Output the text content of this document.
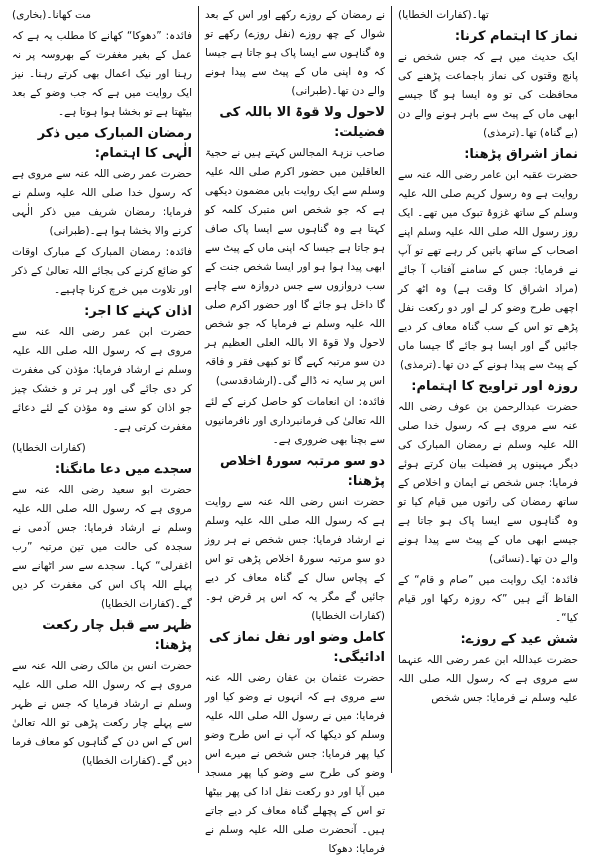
تھا۔(کفارات الخطایا)

نماز کا اہتمام کرنا:

ایک حدیث میں ہے کہ جس شخص نے پانچ وقتوں کی نماز باجماعت پڑھنے کی محافظت کی تو وہ ایسا ہو گا جیسے ابھی ماں کے پیٹ سے باہر ہونے والے دن (بے گناہ) تھا۔(ترمذی)

نماز اشراق پڑھنا:

حضرت عقبہ ابن عامر رضی اللہ عنہ سے روایت ہے وہ رسول کریم صلی اللہ علیہ وسلم کے ساتھ غزوۂ تبوک میں تھے۔ ایک روز رسول اللہ صلی اللہ علیہ وسلم اپنے اصحاب کے ساتھ باتیں کر رہے تھے تو آپ نے فرمایا: جس کے سامنے آفتاب آ جائے (مراد اشراق کا وقت ہے) وہ اٹھ کر اچھی طرح وضو کر لے اور دو رکعت نفل پڑھے تو اس کے سب گناہ معاف کر دیے جائیں گے اور ایسا ہو جائے گا جیسا ماں کے پیٹ سے پیدا ہونے کے دن تھا۔(ترمذی)

روزہ اور تراویح کا اہتمام:

حضرت عبدالرحمن بن عوف رضی اللہ عنہ سے مروی ہے کہ رسول خدا صلی اللہ علیہ وسلم نے رمضان المبارک کی دیگر مہینوں پر فضیلت بیان کرتے ہوئے فرمایا: جس شخص نے ایمان و اخلاص کے ساتھ رمضان کی راتوں میں قیام کیا تو وہ گناہوں سے ایسا پاک ہو جاتا ہے جیسے ابھی ماں کے پیٹ سے پیدا ہونے والے دن تھا۔(نسائی)

فائدہ: ایک روایت میں ”صام و قام“ کے الفاظ آئے ہیں ”کہ روزہ رکھا اور قیام کیا“۔

شش عید کے روزے:

حضرت عبداللہ ابن عمر رضی اللہ عنہما سے مروی ہے کہ رسول اللہ صلی اللہ علیہ وسلم نے فرمایا: جس شخص

نے رمضان کے روزے رکھے اور اس کے بعد شوال کے چھ روزے (نفل روزے) رکھے تو وہ گناہوں سے ایسا پاک ہو جاتا ہے جیسا کہ وہ اپنی ماں کے پیٹ سے پیدا ہونے والے دن تھا۔(طبرانی)

لاحول ولا قوۃ الا باللہ کی فضیلت:

صاحب نزہۃ المجالس کہتے ہیں نے حجیۃ العاقلین میں حضور اکرم صلی اللہ علیہ وسلم سے ایک روایت بایں مضمون دیکھی ہے کہ جو شخص اس متبرک کلمہ کو کہتا ہے وہ گناہوں سے ایسا پاک صاف ہو جاتا ہے جیسا کہ اپنی ماں کے پیٹ سے ابھی پیدا ہوا ہو اور ایسا شخص جنت کے سب دروازوں سے جس دروازہ سے چاہے گا داخل ہو جائے گا اور حضور اکرم صلی اللہ علیہ وسلم نے فرمایا کہ جو شخص لاحول ولا قوۃ الا باللہ العلی العظیم ہر دن سو مرتبہ کہے گا تو کبھی فقر و فاقہ اس پر سایہ نہ ڈالے گی۔(ارشادقدسی)

فائدہ: ان انعامات کو حاصل کرنے کے لئے اللہ تعالیٰ کی فرمانبرداری اور نافرمانیوں سے بچنا بھی ضروری ہے۔

دو سو مرتبہ سورۂ اخلاص پڑھنا:

حضرت انس رضی اللہ عنہ سے روایت ہے کہ رسول اللہ صلی اللہ علیہ وسلم نے ارشاد فرمایا: جس شخص نے ہر روز دو سو مرتبہ سورۂ اخلاص پڑھی تو اس کے پچاس سال کے گناہ معاف کر دیے جائیں گے مگر یہ کہ اس پر قرض ہو۔(کفارات الخطایا)

کامل وضو اور نفل نماز کی ادائیگی:

حضرت عثمان بن عفان رضی اللہ عنہ سے مروی ہے کہ انہوں نے وضو کیا اور فرمایا: میں نے رسول اللہ صلی اللہ علیہ وسلم کو دیکھا کہ آپ نے اس طرح وضو کیا پھر فرمایا: جس شخص نے میرے اس وضو کی طرح سے وضو کیا پھر مسجد میں آیا اور دو رکعت نفل ادا کی پھر بیٹھا تو اس کے پچھلے گناہ معاف کر دیے جاتے ہیں۔ آنحضرت صلی اللہ علیہ وسلم نے فرمایا: دھوکا

مت کھانا۔(بخاری)

فائدہ: ”دھوکا“ کھانے کا مطلب یہ ہے کہ عمل کے بغیر مغفرت کے بھروسہ پر نہ رہنا اور نیک اعمال بھی کرتے رہنا۔ نیز ایک روایت میں ہے کہ جب وضو کے بعد بیٹھتا ہے تو بخشا ہوا ہوتا ہے۔

رمضان المبارک میں ذکر الٰہی کا اہتمام:

حضرت عمر رضی اللہ عنہ سے مروی ہے کہ رسول خدا صلی اللہ علیہ وسلم نے فرمایا: رمضان شریف میں ذکر الٰہی کرنے والا بخشا ہوا ہے۔(طبرانی)

فائدہ: رمضان المبارک کے مبارک اوقات کو ضائع کرنے کی بجائے اللہ تعالیٰ کے ذکر اور تلاوت میں خرچ کرنا چاہیے۔

اذان کہنے کا اجر:

حضرت ابن عمر رضی اللہ عنہ سے مروی ہے کہ رسول اللہ صلی اللہ علیہ وسلم نے ارشاد فرمایا: مؤذن کی مغفرت کر دی جائے گی اور ہر تر و خشک چیز جو اذان کو سنے وہ مؤذن کے لئے دعائے مغفرت کرتی ہے۔

(کفارات الخطایا)

سجدے میں دعا مانگنا:

حضرت ابو سعید رضی اللہ عنہ سے مروی ہے کہ رسول اللہ صلی اللہ علیہ وسلم نے ارشاد فرمایا: جس آدمی نے سجدہ کی حالت میں تین مرتبہ ”رب اغفرلی“ کہا۔ سجدے سے سر اٹھانے سے پہلے اللہ پاک اس کی مغفرت کر دیں گے۔(کفارات الخطایا)

ظہر سے قبل چار رکعت پڑھنا:

حضرت انس بن مالک رضی اللہ عنہ سے مروی ہے کہ رسول اللہ صلی اللہ علیہ وسلم نے ارشاد فرمایا کہ جس نے ظہر سے پہلے چار رکعت پڑھی تو اللہ تعالیٰ اس کے اس دن کے گناہوں کو معاف فرما دیں گے۔(کفارات الخطایا)
